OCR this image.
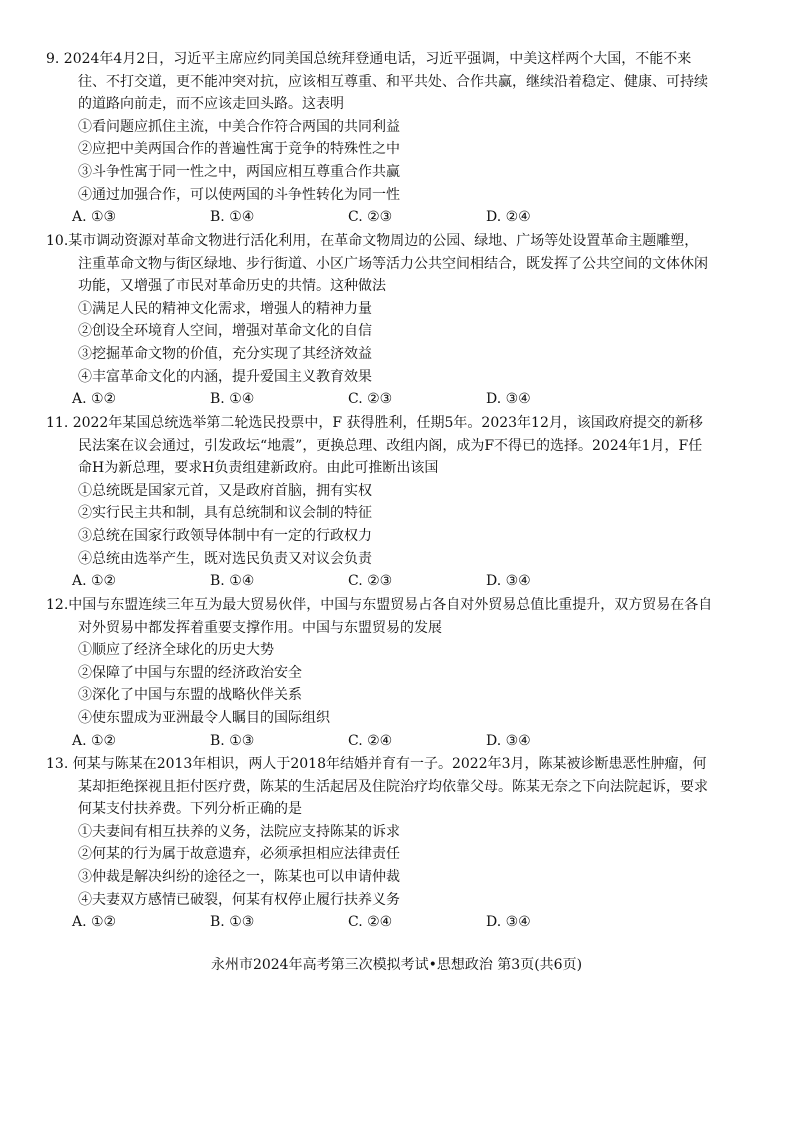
9. 2024年4月2日，习近平主席应约同美国总统拜登通电话，习近平强调，中美这样两个大国，不能不来
往、不打交道，更不能冲突对抗，应该相互尊重、和平共处、合作共赢，继续沿着稳定、健康、可持续
的道路向前走，而不应该走回头路。这表明
①看问题应抓住主流，中美合作符合两国的共同利益
②应把中美两国合作的普遍性寓于竞争的特殊性之中
③斗争性寓于同一性之中，两国应相互尊重合作共赢
④通过加强合作，可以使两国的斗争性转化为同一性
A. ①③	B. ①④	C. ②③	D. ②④
10.某市调动资源对革命文物进行活化利用，在革命文物周边的公园、绿地、广场等处设置革命主题雕塑，
注重革命文物与街区绿地、步行街道、小区广场等活力公共空间相结合，既发挥了公共空间的文体休闲
功能，又增强了市民对革命历史的共情。这种做法
①满足人民的精神文化需求，增强人的精神力量
②创设全环境育人空间，增强对革命文化的自信
③挖掘革命文物的价值，充分实现了其经济效益
④丰富革命文化的内涵，提升爱国主义教育效果
A. ①②	B. ①④	C. ②③	D. ③④
11. 2022年某国总统选举第二轮选民投票中，F 获得胜利，任期5年。2023年12月，该国政府提交的新移
民法案在议会通过，引发政坛“地震”，更换总理、改组内阁，成为F不得已的选择。2024年1月，F任
命H为新总理，要求H负责组建新政府。由此可推断出该国
①总统既是国家元首，又是政府首脑，拥有实权
②实行民主共和制，具有总统制和议会制的特征
③总统在国家行政领导体制中有一定的行政权力
④总统由选举产生，既对选民负责又对议会负责
A. ①②	B. ①④	C. ②③	D. ③④
12.中国与东盟连续三年互为最大贸易伙伴，中国与东盟贸易占各自对外贸易总值比重提升，双方贸易在各自
对外贸易中都发挥着重要支撑作用。中国与东盟贸易的发展
①顺应了经济全球化的历史大势
②保障了中国与东盟的经济政治安全
③深化了中国与东盟的战略伙伴关系
④使东盟成为亚洲最令人瞩目的国际组织
A. ①②	B. ①③	C. ②④	D. ③④
13. 何某与陈某在2013年相识，两人于2018年结婚并育有一子。2022年3月，陈某被诊断患恶性肿瘤，何
某却拒绝探视且拒付医疗费，陈某的生活起居及住院治疗均依靠父母。陈某无奈之下向法院起诉，要求
何某支付扶养费。下列分析正确的是
①夫妻间有相互扶养的义务，法院应支持陈某的诉求
②何某的行为属于故意遗弃，必须承担相应法律责任
③仲裁是解决纠纷的途径之一，陈某也可以申请仲裁
④夫妻双方感情已破裂，何某有权停止履行扶养义务
A. ①②	B. ①③	C. ②④	D. ③④
永州市2024年高考第三次模拟考试•思想政治 第3页(共6页)
